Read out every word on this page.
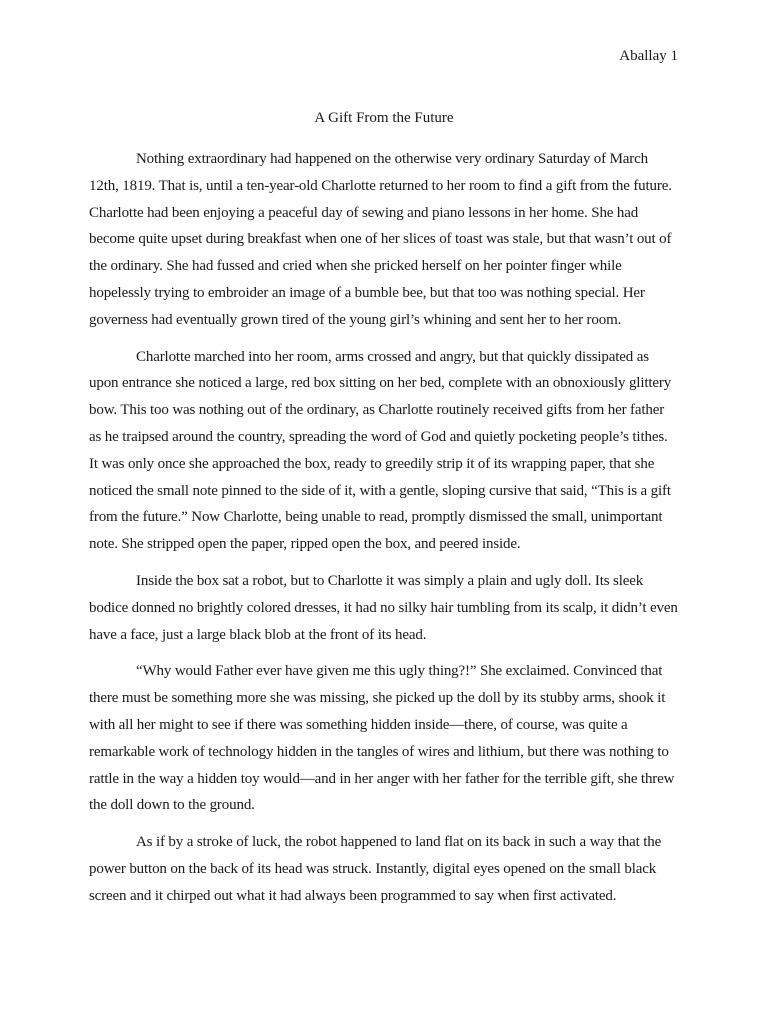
Aballay 1
A Gift From the Future

Nothing extraordinary had happened on the otherwise very ordinary Saturday of March 12th, 1819. That is, until a ten-year-old Charlotte returned to her room to find a gift from the future. Charlotte had been enjoying a peaceful day of sewing and piano lessons in her home. She had become quite upset during breakfast when one of her slices of toast was stale, but that wasn’t out of the ordinary. She had fussed and cried when she pricked herself on her pointer finger while hopelessly trying to embroider an image of a bumble bee, but that too was nothing special. Her governess had eventually grown tired of the young girl’s whining and sent her to her room.

Charlotte marched into her room, arms crossed and angry, but that quickly dissipated as upon entrance she noticed a large, red box sitting on her bed, complete with an obnoxiously glittery bow. This too was nothing out of the ordinary, as Charlotte routinely received gifts from her father as he traipsed around the country, spreading the word of God and quietly pocketing people’s tithes. It was only once she approached the box, ready to greedily strip it of its wrapping paper, that she noticed the small note pinned to the side of it, with a gentle, sloping cursive that said, “This is a gift from the future.” Now Charlotte, being unable to read, promptly dismissed the small, unimportant note. She stripped open the paper, ripped open the box, and peered inside.

Inside the box sat a robot, but to Charlotte it was simply a plain and ugly doll. Its sleek bodice donned no brightly colored dresses, it had no silky hair tumbling from its scalp, it didn’t even have a face, just a large black blob at the front of its head.

“Why would Father ever have given me this ugly thing?!” She exclaimed. Convinced that there must be something more she was missing, she picked up the doll by its stubby arms, shook it with all her might to see if there was something hidden inside—there, of course, was quite a remarkable work of technology hidden in the tangles of wires and lithium, but there was nothing to rattle in the way a hidden toy would—and in her anger with her father for the terrible gift, she threw the doll down to the ground.

As if by a stroke of luck, the robot happened to land flat on its back in such a way that the power button on the back of its head was struck. Instantly, digital eyes opened on the small black screen and it chirped out what it had always been programmed to say when first activated.
